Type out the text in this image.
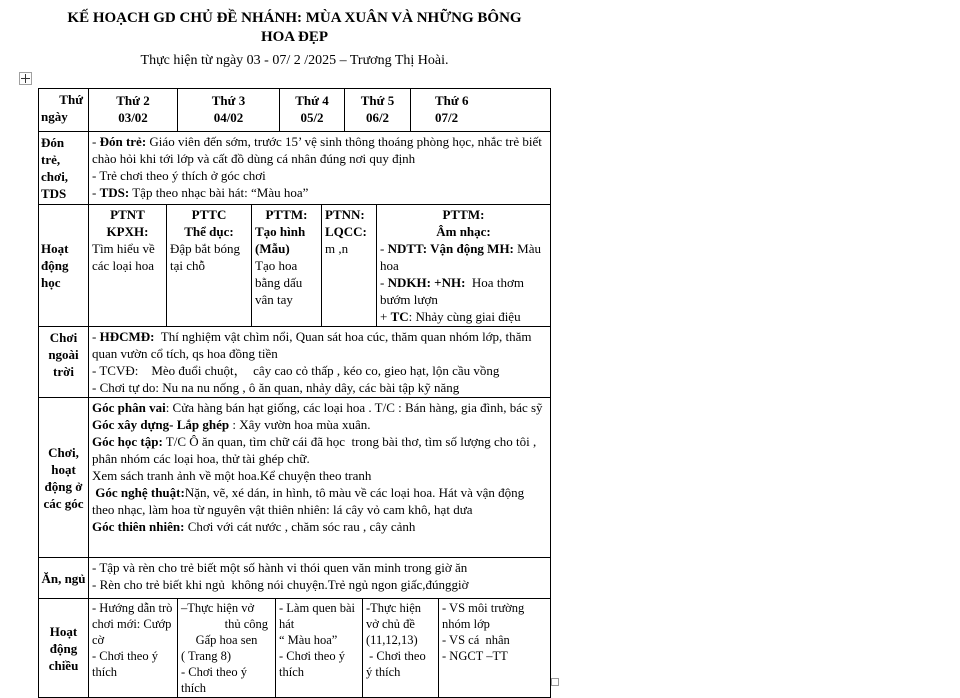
KẾ HOẠCH GD CHỦ ĐỀ NHÁNH: MÙA XUÂN VÀ NHỮNG BÔNG
HOA ĐẸP
Thực hiện từ ngày 03 - 07/ 2 /2025 – Trương Thị Hoài.
Thứ
ngày
Thứ 2
03/02
Thứ 3
04/02
Thứ 4
05/2
Thứ 5
06/2
Thứ 6
07/2
Đón trẻ, chơi, TDS

- Đón trẻ: Giáo viên đến sớm, trước 15’ vệ sinh thông thoáng phòng học, nhắc trẻ biết chào hỏi khi tới lớp và cất đồ dùng cá nhân đúng nơi quy định

- Trẻ chơi theo ý thích ở góc chơi

- TDS: Tập theo nhạc bài hát: “Màu hoa”

Hoạt động học

PTNT

KPXH:

Tìm hiểu về các loại hoa

PTTC

Thể dục:

Đập bắt bóng tại chỗ

PTTM:

Tạo hình (Mẫu)

Tạo hoa bằng dấu vân tay

PTNN:

LQCC:

m ,n

PTTM:

Âm nhạc:

- NDTT: Vận động MH: Màu hoa

- NDKH: +NH:  Hoa thơm bướm lượn

+ TC: Nhảy cùng giai điệu

Chơi ngoài trời

- HĐCMĐ:  Thí nghiệm vật chìm nổi, Quan sát hoa cúc, thăm quan nhóm lớp, thăm quan vườn cổ tích, qs hoa đồng tiền

- TCVĐ:    Mèo đuổi chuột，  cây cao cỏ thấp , kéo co, gieo hạt, lộn cầu vồng

- Chơi tự do: Nu na nu nống , ô ăn quan, nhảy dây, các bài tập kỹ năng

Chơi, hoạt động ở các góc

Góc phân vai: Cửa hàng bán hạt giống, các loại hoa . T/C : Bán hàng, gia đình, bác sỹ

Góc xây dựng- Lắp ghép : Xây vườn hoa mùa xuân.

Góc học tập: T/C Ô ăn quan, tìm chữ cái đã học  trong bài thơ, tìm số lượng cho tôi , phân nhóm các loại hoa, thử tài ghép chữ.

Xem sách tranh ảnh về một hoa.Kể chuyện theo tranh

Góc nghệ thuật:Nặn, vẽ, xé dán, in hình, tô màu về các loại hoa. Hát và vận động theo nhạc, làm hoa từ nguyên vật thiên nhiên: lá cây vỏ cam khô, hạt dưa

Góc thiên nhiên: Chơi với cát nước , chăm sóc rau , cây cảnh

Ăn, ngủ

- Tập và rèn cho trẻ biết một số hành vi thói quen văn minh trong giờ ăn

- Rèn cho trẻ biết khi ngủ  không nói chuyện.Trẻ ngủ ngon giấc,đúnggiờ

Hoạt động chiều

- Hướng dẫn trò chơi mới: Cướp cờ

- Chơi theo ý thích

–Thực hiện vở

thủ công

Gấp hoa sen

( Trang 8)

- Chơi theo ý thích

- Làm quen bài hát

“ Màu hoa”

- Chơi theo ý thích

-Thực hiện vở chủ đề (11,12,13)

- Chơi theo ý thích

- VS môi trường nhóm lớp

- VS cá  nhân

- NGCT –TT
